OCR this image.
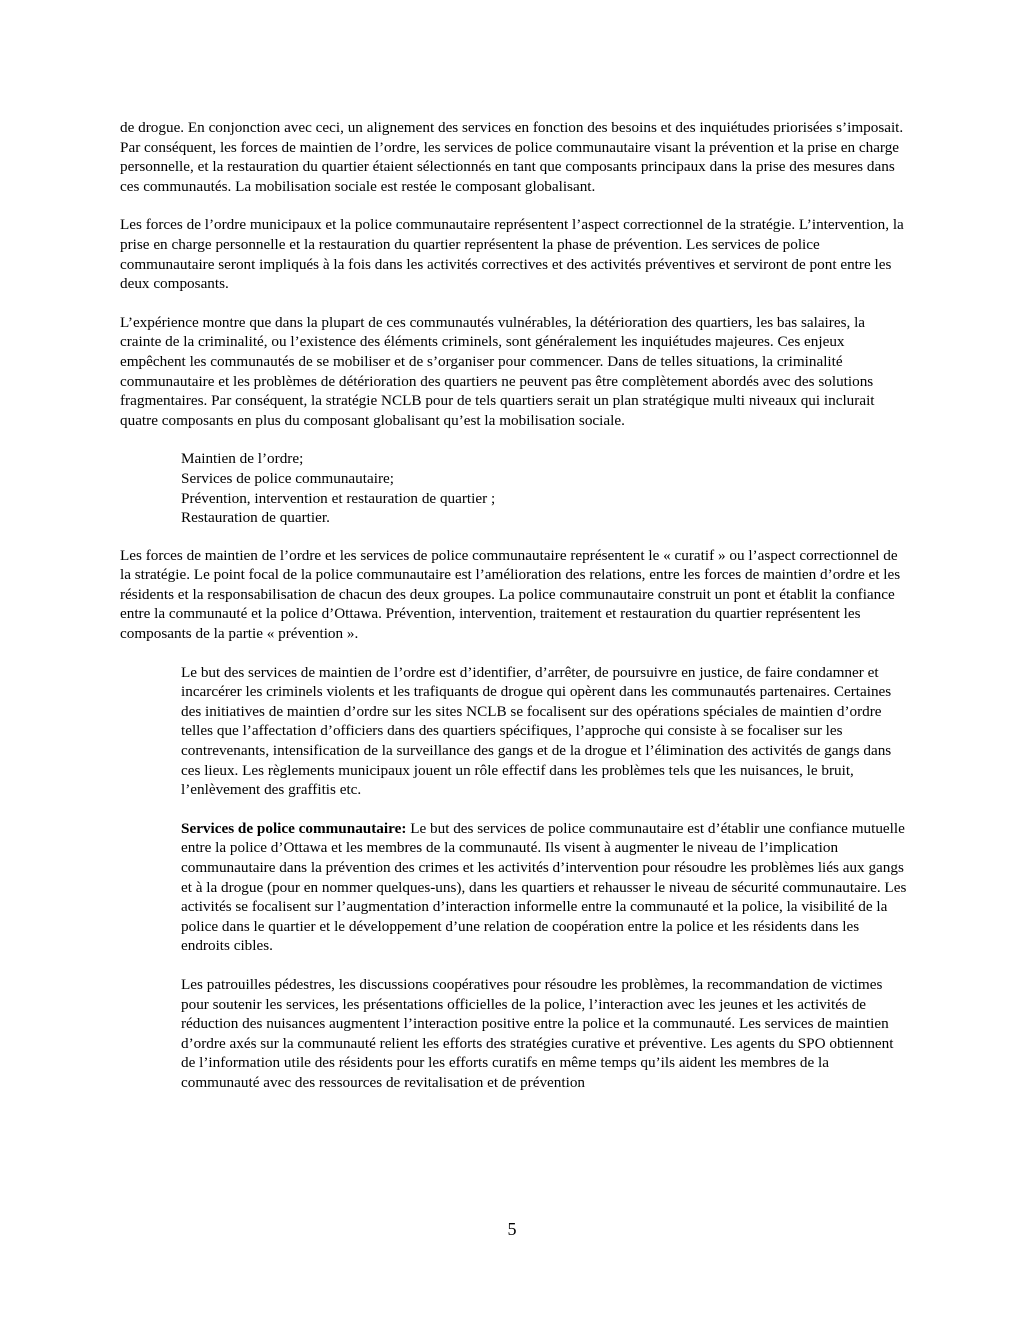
de drogue. En conjonction avec ceci, un alignement des services en fonction des besoins et des inquiétudes priorisées s’imposait. Par conséquent, les forces de maintien de l’ordre, les services de police communautaire visant la prévention et la prise en charge personnelle, et la restauration du quartier étaient sélectionnés en tant que composants principaux dans la prise des mesures dans ces communautés. La mobilisation sociale est restée le composant globalisant.

Les forces de l’ordre municipaux et la police communautaire représentent l’aspect correctionnel de la stratégie. L’intervention, la prise en charge personnelle et la restauration du quartier représentent la phase de prévention. Les services de police communautaire seront impliqués à la fois dans les activités correctives et des activités préventives et serviront de pont entre les deux composants.

L’expérience montre que dans la plupart de ces communautés vulnérables, la détérioration des quartiers, les bas salaires, la crainte de la criminalité, ou l’existence des éléments criminels, sont généralement les inquiétudes majeures. Ces enjeux empêchent les communautés de se mobiliser et de s’organiser pour commencer. Dans de telles situations, la criminalité communautaire et les problèmes de détérioration des quartiers ne peuvent pas être complètement abordés avec des solutions fragmentaires. Par conséquent, la stratégie NCLB pour de tels quartiers serait un plan stratégique multi niveaux qui inclurait quatre composants en plus du composant globalisant qu’est la mobilisation sociale.

Maintien de l’ordre;
Services de police communautaire;
Prévention, intervention et restauration de quartier ;
Restauration de quartier.

Les forces de maintien de l’ordre et les services de police communautaire représentent le « curatif » ou l’aspect correctionnel de la stratégie. Le point focal de la police communautaire est l’amélioration des relations, entre les forces de maintien d’ordre et les résidents et la responsabilisation de chacun des deux groupes. La police communautaire construit un pont et établit la confiance entre la communauté et la police d’Ottawa. Prévention, intervention, traitement et restauration du quartier représentent les composants de la partie « prévention ».

Le but des services de maintien de l’ordre est d’identifier, d’arrêter, de poursuivre en justice, de faire condamner et incarcérer les criminels violents et les trafiquants de drogue qui opèrent dans les communautés partenaires. Certaines des initiatives de maintien d’ordre sur les sites NCLB se focalisent sur des opérations spéciales de maintien d’ordre telles que l’affectation d’officiers dans des quartiers spécifiques, l’approche qui consiste à se focaliser sur les contrevenants, intensification de la surveillance des gangs et de la drogue et l’élimination des activités de gangs dans ces lieux. Les règlements municipaux jouent un rôle effectif dans les problèmes tels que les nuisances, le bruit, l’enlèvement des graffitis etc.

Services de police communautaire: Le but des services de police communautaire est d’établir une confiance mutuelle entre la police d’Ottawa et les membres de la communauté. Ils visent à augmenter le niveau de l’implication communautaire dans la prévention des crimes et les activités d’intervention pour résoudre les problèmes liés aux gangs et à la drogue (pour en nommer quelques-uns), dans les quartiers et rehausser le niveau de sécurité communautaire. Les activités se focalisent sur l’augmentation d’interaction informelle entre la communauté et la police, la visibilité de la police dans le quartier et le développement d’une relation de coopération entre la police et les résidents dans les endroits cibles.

Les patrouilles pédestres, les discussions coopératives pour résoudre les problèmes, la recommandation de victimes pour soutenir les services, les présentations officielles de la police, l’interaction avec les jeunes et les activités de réduction des nuisances augmentent l’interaction positive entre la police et la communauté. Les services de maintien d’ordre axés sur la communauté relient les efforts des stratégies curative et préventive. Les agents du SPO obtiennent de l’information utile des résidents pour les efforts curatifs en même temps qu’ils aident les membres de la communauté avec des ressources de revitalisation et de prévention

5
